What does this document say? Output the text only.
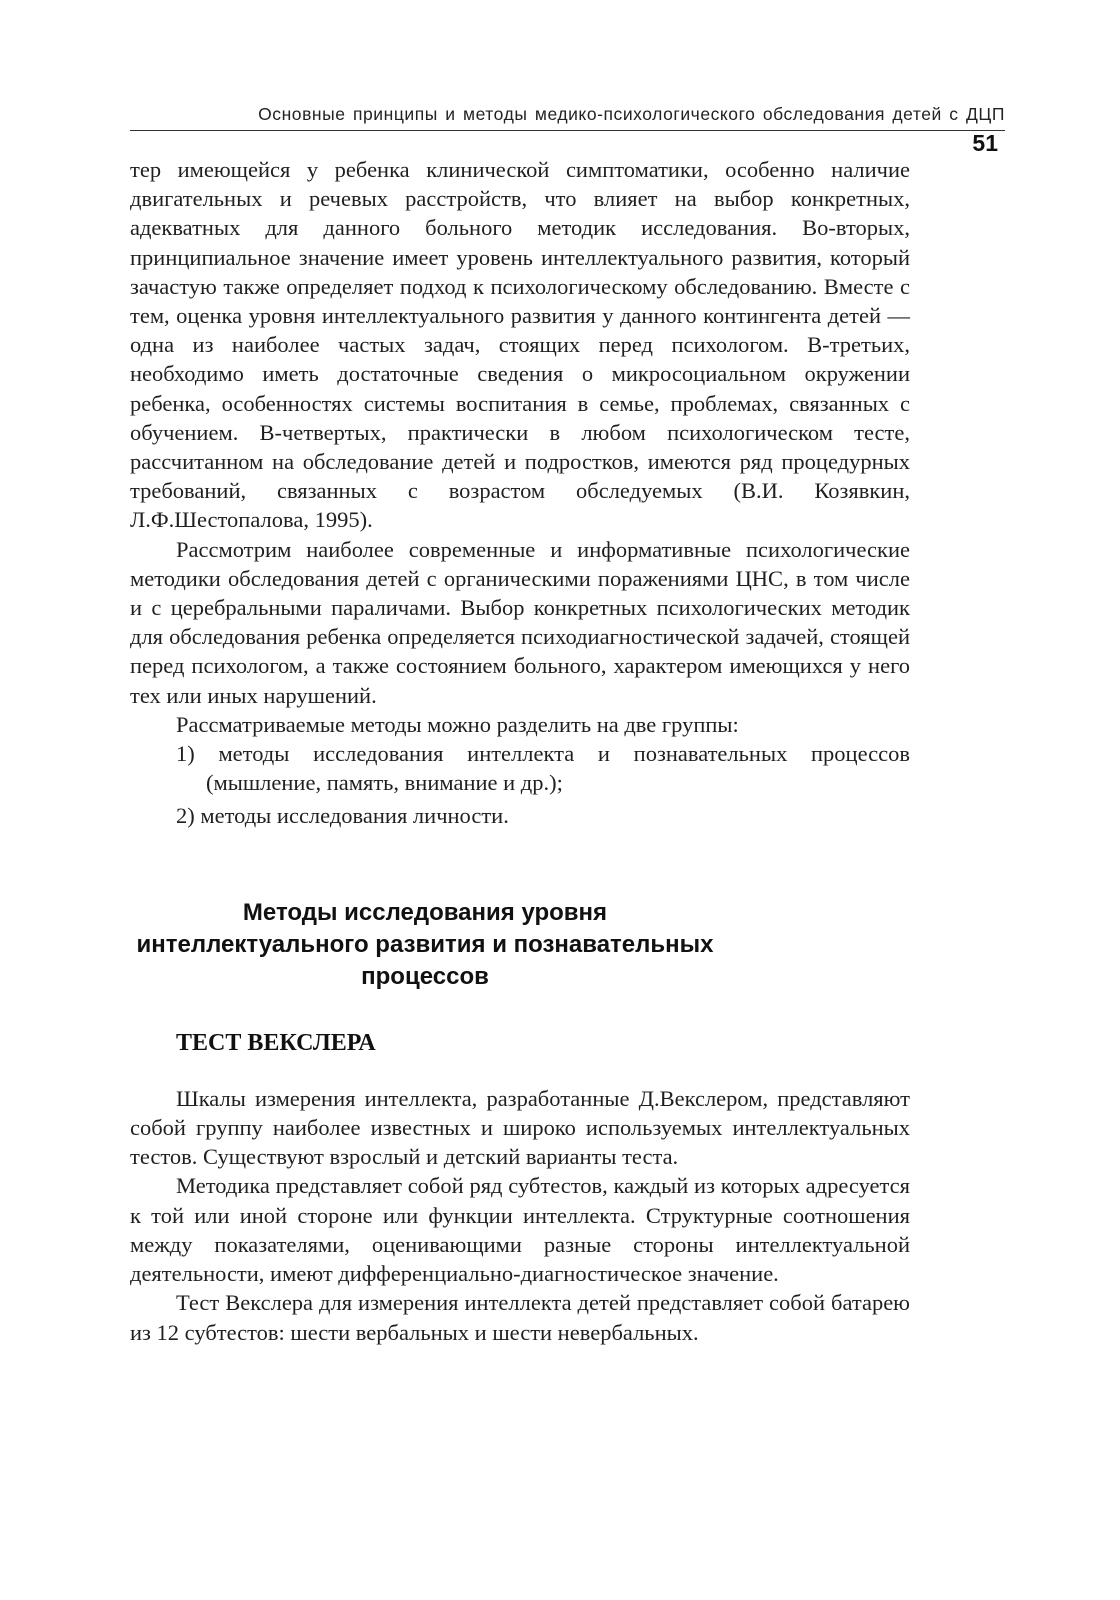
Основные принципы и методы медико-психологического обследования детей с ДЦП
51

тер имеющейся у ребенка клинической симптоматики, особенно наличие двигательных и речевых расстройств, что влияет на выбор конкретных, адекватных для данного больного методик исследования. Во-вторых, принципиальное значение имеет уровень интеллектуального развития, который зачастую также определяет подход к психологическому обследованию. Вместе с тем, оценка уровня интеллектуального развития у данного контингента детей — одна из наиболее частых задач, стоящих перед психологом. В-третьих, необходимо иметь достаточные сведения о микросоциальном окружении ребенка, особенностях системы воспитания в семье, проблемах, связанных с обучением. В-четвертых, практически в любом психологическом тесте, рассчитанном на обследование детей и подростков, имеются ряд процедурных требований, связанных с возрастом обследуемых (В.И. Козявкин, Л.Ф.Шестопалова, 1995).

Рассмотрим наиболее современные и информативные психологические методики обследования детей с органическими поражениями ЦНС, в том числе и с церебральными параличами. Выбор конкретных психологических методик для обследования ребенка определяется психодиагностической задачей, стоящей перед психологом, а также состоянием больного, характером имеющихся у него тех или иных нарушений.

Рассматриваемые методы можно разделить на две группы:

1) методы исследования интеллекта и познавательных процессов (мышление, память, внимание и др.);
2) методы исследования личности.
Методы исследования уровня интеллектуального развития и познавательных процессов
ТЕСТ ВЕКСЛЕРА

Шкалы измерения интеллекта, разработанные Д.Векслером, представляют собой группу наиболее известных и широко используемых интеллектуальных тестов. Существуют взрослый и детский варианты теста.

Методика представляет собой ряд субтестов, каждый из которых адресуется к той или иной стороне или функции интеллекта. Структурные соотношения между показателями, оценивающими разные стороны интеллектуальной деятельности, имеют дифференциально-диагностическое значение.

Тест Векслера для измерения интеллекта детей представляет собой батарею из 12 субтестов: шести вербальных и шести невербальных.
